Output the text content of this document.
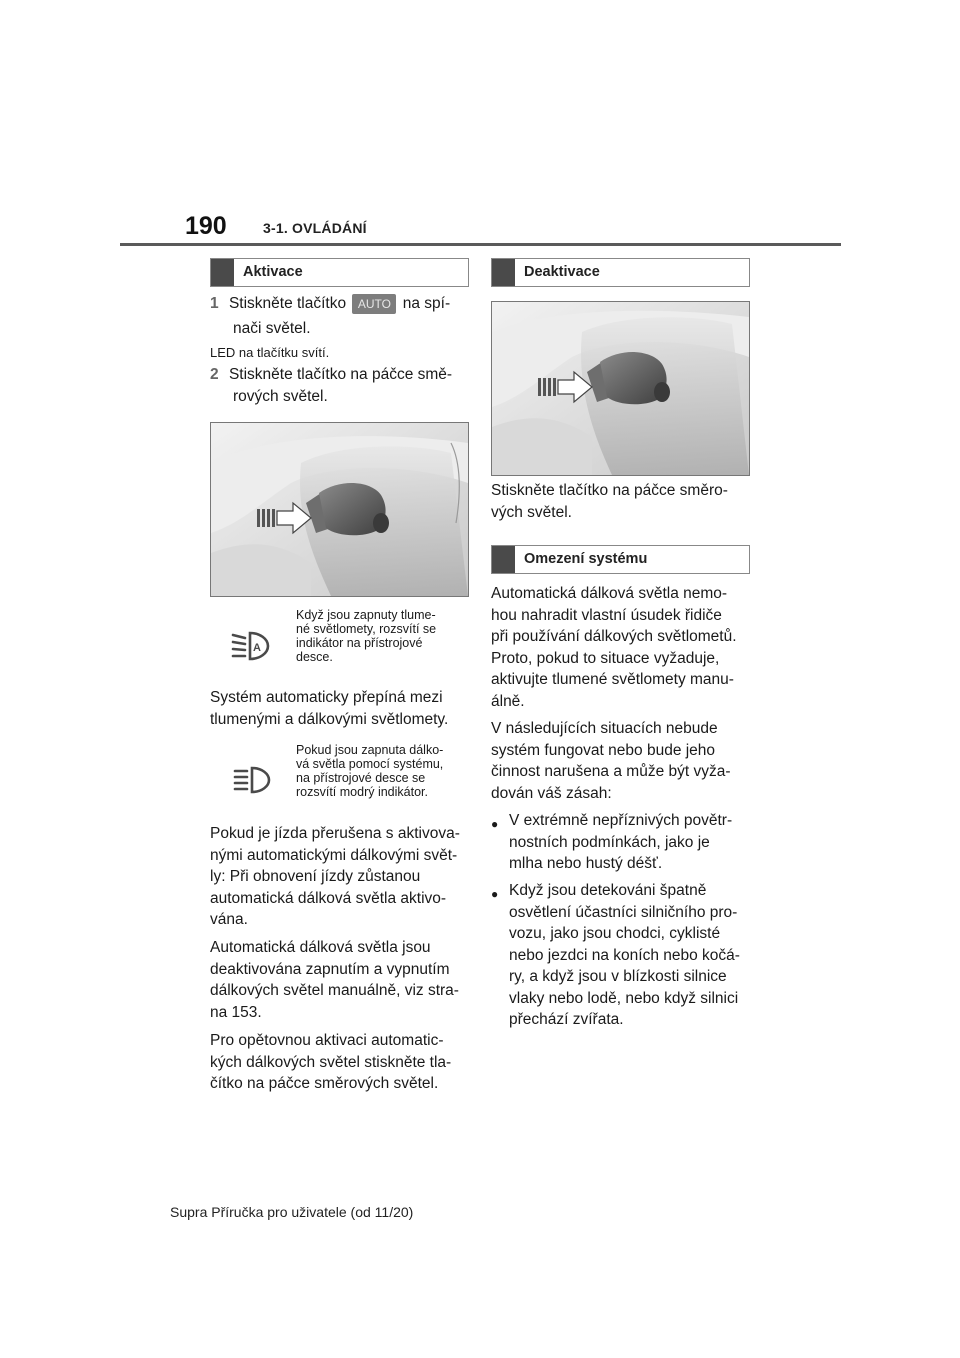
190	3-1. OVLÁDÁNÍ
Aktivace
1 Stiskněte tlačítko AUTO na spí-
nači světel.
LED na tlačítku svítí.
2 Stiskněte tlačítko na páčce smě-
rových světel.
A
Když jsou zapnuty tlume-
né světlomety, rozsvítí se
indikátor na přístrojové
desce.
Systém automaticky přepíná mezi
tlumenými a dálkovými světlomety.
Pokud jsou zapnuta dálko-
vá světla pomocí systému,
na přístrojové desce se
rozsvítí modrý indikátor.
Pokud je jízda přerušena s aktivova-
nými automatickými dálkovými svět-
ly: Při obnovení jízdy zůstanou
automatická dálková světla aktivo-
vána.
Automatická dálková světla jsou
deaktivována zapnutím a vypnutím
dálkových světel manuálně, viz stra-
na 153.
Pro opětovnou aktivaci automatic-
kých dálkových světel stiskněte tla-
čítko na páčce směrových světel.
Deaktivace
Stiskněte tlačítko na páčce směro-
vých světel.
Omezení systému
Automatická dálková světla nemo-
hou nahradit vlastní úsudek řidiče
při používání dálkových světlometů.
Proto, pokud to situace vyžaduje,
aktivujte tlumené světlomety manu-
álně.
V následujících situacích nebude
systém fungovat nebo bude jeho
činnost narušena a může být vyža-
dován váš zásah:
● V extrémně nepříznivých povětr-
nostních podmínkách, jako je
mlha nebo hustý déšť.
● Když jsou detekováni špatně
osvětlení účastníci silničního pro-
vozu, jako jsou chodci, cyklisté
nebo jezdci na koních nebo kočá-
ry, a když jsou v blízkosti silnice
vlaky nebo lodě, nebo když silnici
přechází zvířata.
Supra Příručka pro uživatele (od 11/20)
